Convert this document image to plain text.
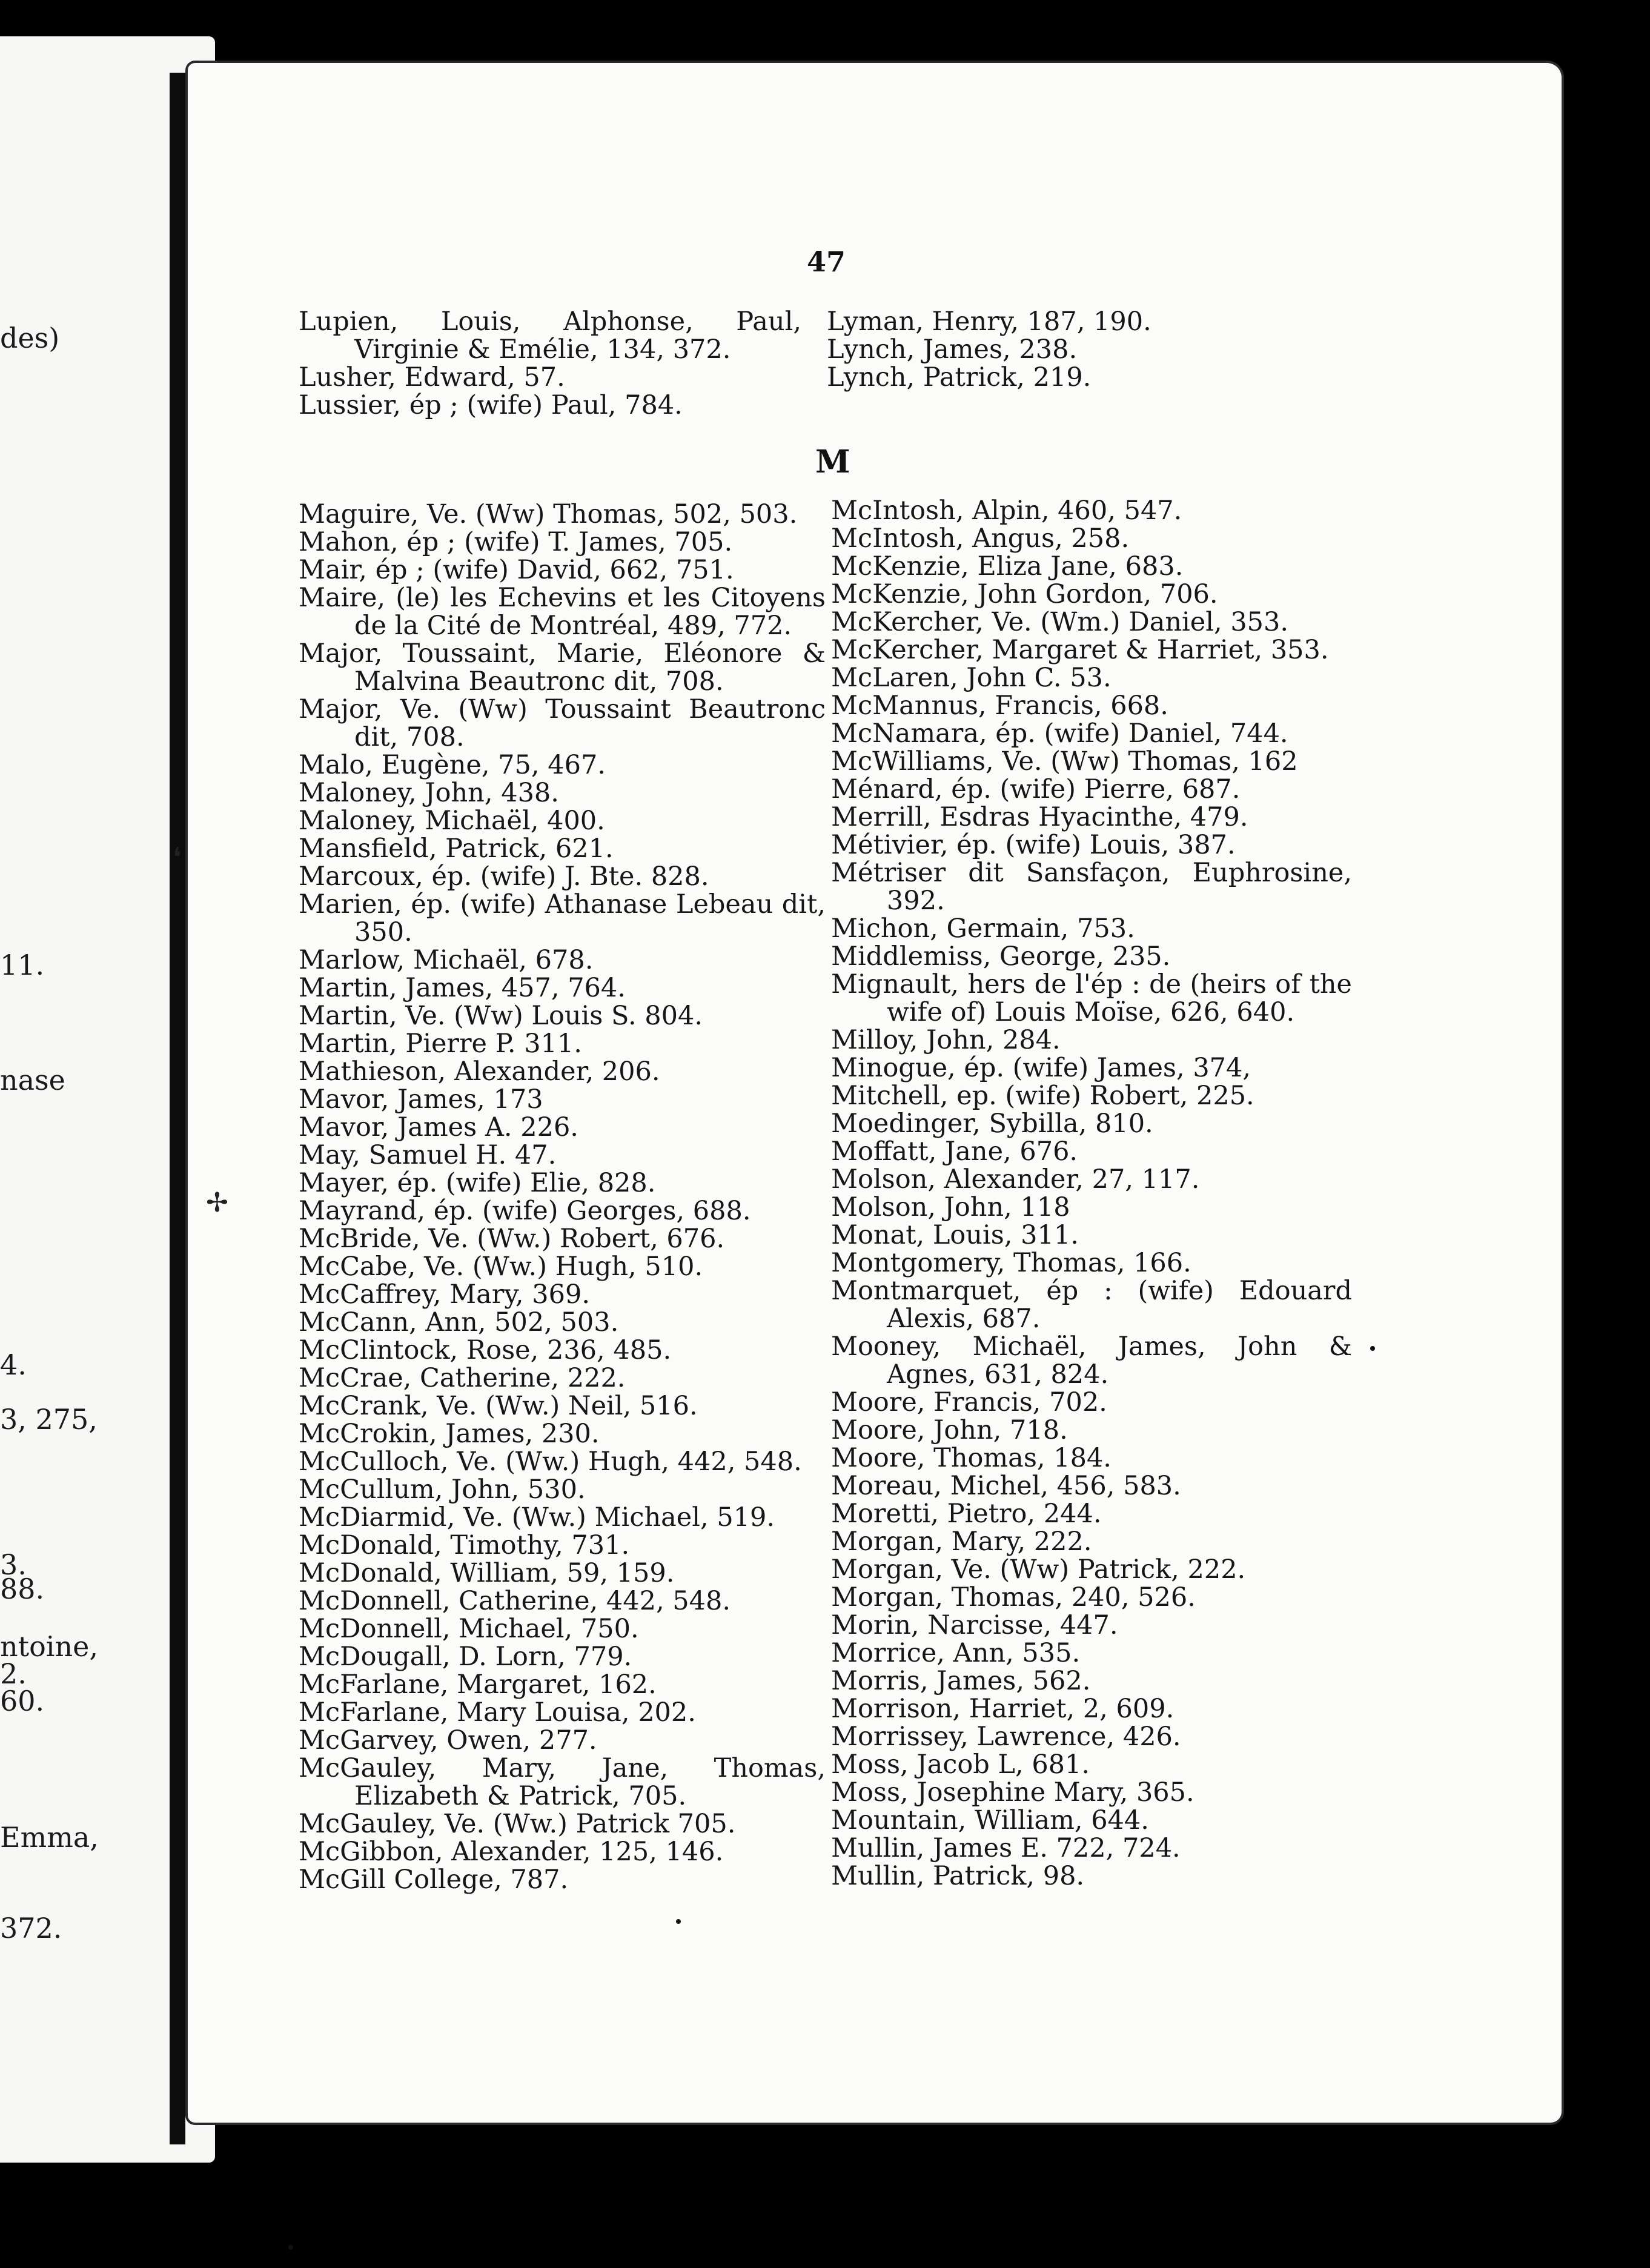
des)
11.
nase
4.
3, 275,
3.
88.
ntoine,
2.
60.
Emma,
372.
47
M
Lupien, Louis, Alphonse, Paul, Virginie & Emélie, 134, 372.
Lusher, Edward, 57.
Lussier, ép ; (wife) Paul, 784.
Lyman, Henry, 187, 190.
Lynch, James, 238.
Lynch, Patrick, 219.
Maguire, Ve. (Ww) Thomas, 502, 503.
Mahon, ép ; (wife) T. James, 705.
Mair, ép ; (wife) David, 662, 751.
Maire, (le) les Echevins et les Citoyens de la Cité de Montréal, 489, 772.
Major, Toussaint, Marie, Eléonore & Malvina Beautronc dit, 708.
Major, Ve. (Ww) Toussaint Beautronc dit, 708.
Malo, Eugène, 75, 467.
Maloney, John, 438.
Maloney, Michaël, 400.
Mansfield, Patrick, 621.
Marcoux, ép. (wife) J. Bte. 828.
Marien, ép. (wife) Athanase Lebeau dit, 350.
Marlow, Michaël, 678.
Martin, James, 457, 764.
Martin, Ve. (Ww) Louis S. 804.
Martin, Pierre P. 311.
Mathieson, Alexander, 206.
Mavor, James, 173
Mavor, James A. 226.
May, Samuel H. 47.
Mayer, ép. (wife) Elie, 828.
Mayrand, ép. (wife) Georges, 688.
McBride, Ve. (Ww.) Robert, 676.
McCabe, Ve. (Ww.) Hugh, 510.
McCaffrey, Mary, 369.
McCann, Ann, 502, 503.
McClintock, Rose, 236, 485.
McCrae, Catherine, 222.
McCrank, Ve. (Ww.) Neil, 516.
McCrokin, James, 230.
McCulloch, Ve. (Ww.) Hugh, 442, 548.
McCullum, John, 530.
McDiarmid, Ve. (Ww.) Michael, 519.
McDonald, Timothy, 731.
McDonald, William, 59, 159.
McDonnell, Catherine, 442, 548.
McDonnell, Michael, 750.
McDougall, D. Lorn, 779.
McFarlane, Margaret, 162.
McFarlane, Mary Louisa, 202.
McGarvey, Owen, 277.
McGauley, Mary, Jane, Thomas, Elizabeth & Patrick, 705.
McGauley, Ve. (Ww.) Patrick 705.
McGibbon, Alexander, 125, 146.
McGill College, 787.
McIntosh, Alpin, 460, 547.
McIntosh, Angus, 258.
McKenzie, Eliza Jane, 683.
McKenzie, John Gordon, 706.
McKercher, Ve. (Wm.) Daniel, 353.
McKercher, Margaret & Harriet, 353.
McLaren, John C. 53.
McMannus, Francis, 668.
McNamara, ép. (wife) Daniel, 744.
McWilliams, Ve. (Ww) Thomas, 162
Ménard, ép. (wife) Pierre, 687.
Merrill, Esdras Hyacinthe, 479.
Métivier, ép. (wife) Louis, 387.
Métriser dit Sansfaçon, Euphrosine, 392.
Michon, Germain, 753.
Middlemiss, George, 235.
Mignault, hers de l'ép : de (heirs of the wife of) Louis Moïse, 626, 640.
Milloy, John, 284.
Minogue, ép. (wife) James, 374,
Mitchell, ep. (wife) Robert, 225.
Moedinger, Sybilla, 810.
Moffatt, Jane, 676.
Molson, Alexander, 27, 117.
Molson, John, 118
Monat, Louis, 311.
Montgomery, Thomas, 166.
Montmarquet, ép : (wife) Edouard Alexis, 687.
Mooney, Michaël, James, John & Agnes, 631, 824.
Moore, Francis, 702.
Moore, John, 718.
Moore, Thomas, 184.
Moreau, Michel, 456, 583.
Moretti, Pietro, 244.
Morgan, Mary, 222.
Morgan, Ve. (Ww) Patrick, 222.
Morgan, Thomas, 240, 526.
Morin, Narcisse, 447.
Morrice, Ann, 535.
Morris, James, 562.
Morrison, Harriet, 2, 609.
Morrissey, Lawrence, 426.
Moss, Jacob L, 681.
Moss, Josephine Mary, 365.
Mountain, William, 644.
Mullin, James E. 722, 724.
Mullin, Patrick, 98.
❛
✢
